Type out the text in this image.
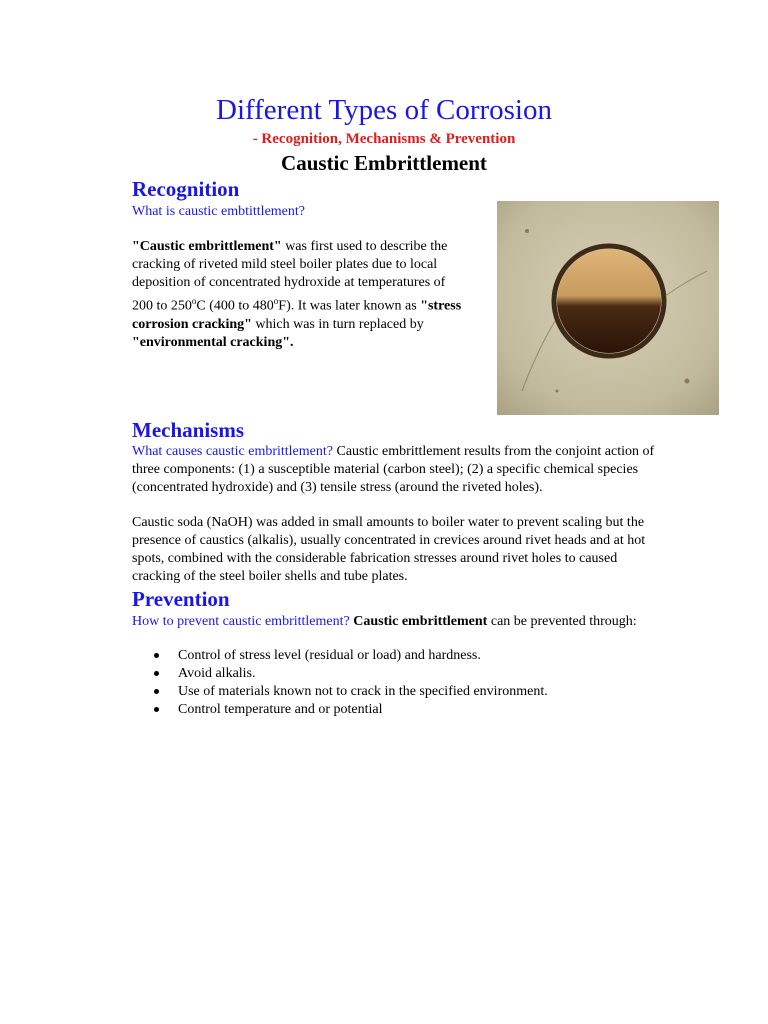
Different Types of Corrosion
- Recognition, Mechanisms & Prevention
Caustic Embrittlement
Recognition

What is caustic embtittlement?

"Caustic embrittlement" was first used to describe the
cracking of riveted mild steel boiler plates due to local
deposition of concentrated hydroxide at temperatures of
200 to 250$^o$C (400 to 480$^o$F). It was later known as "stress
corrosion cracking" which was in turn replaced by
"environmental cracking".

Mechanisms

What causes caustic embrittlement? Caustic embrittlement results from the conjoint action of
three components: (1) a susceptible material (carbon steel); (2) a specific chemical species
(concentrated hydroxide) and (3) tensile stress (around the riveted holes).

Caustic soda (NaOH) was added in small amounts to boiler water to prevent scaling but the
presence of caustics (alkalis), usually concentrated in crevices around rivet heads and at hot
spots, combined with the considerable fabrication stresses around rivet holes to caused
cracking of the steel boiler shells and tube plates.

Prevention

How to prevent caustic embrittlement? Caustic embrittlement can be prevented through:

Control of stress level (residual or load) and hardness.
Avoid alkalis.
Use of materials known not to crack in the specified environment.
Control temperature and or potential
